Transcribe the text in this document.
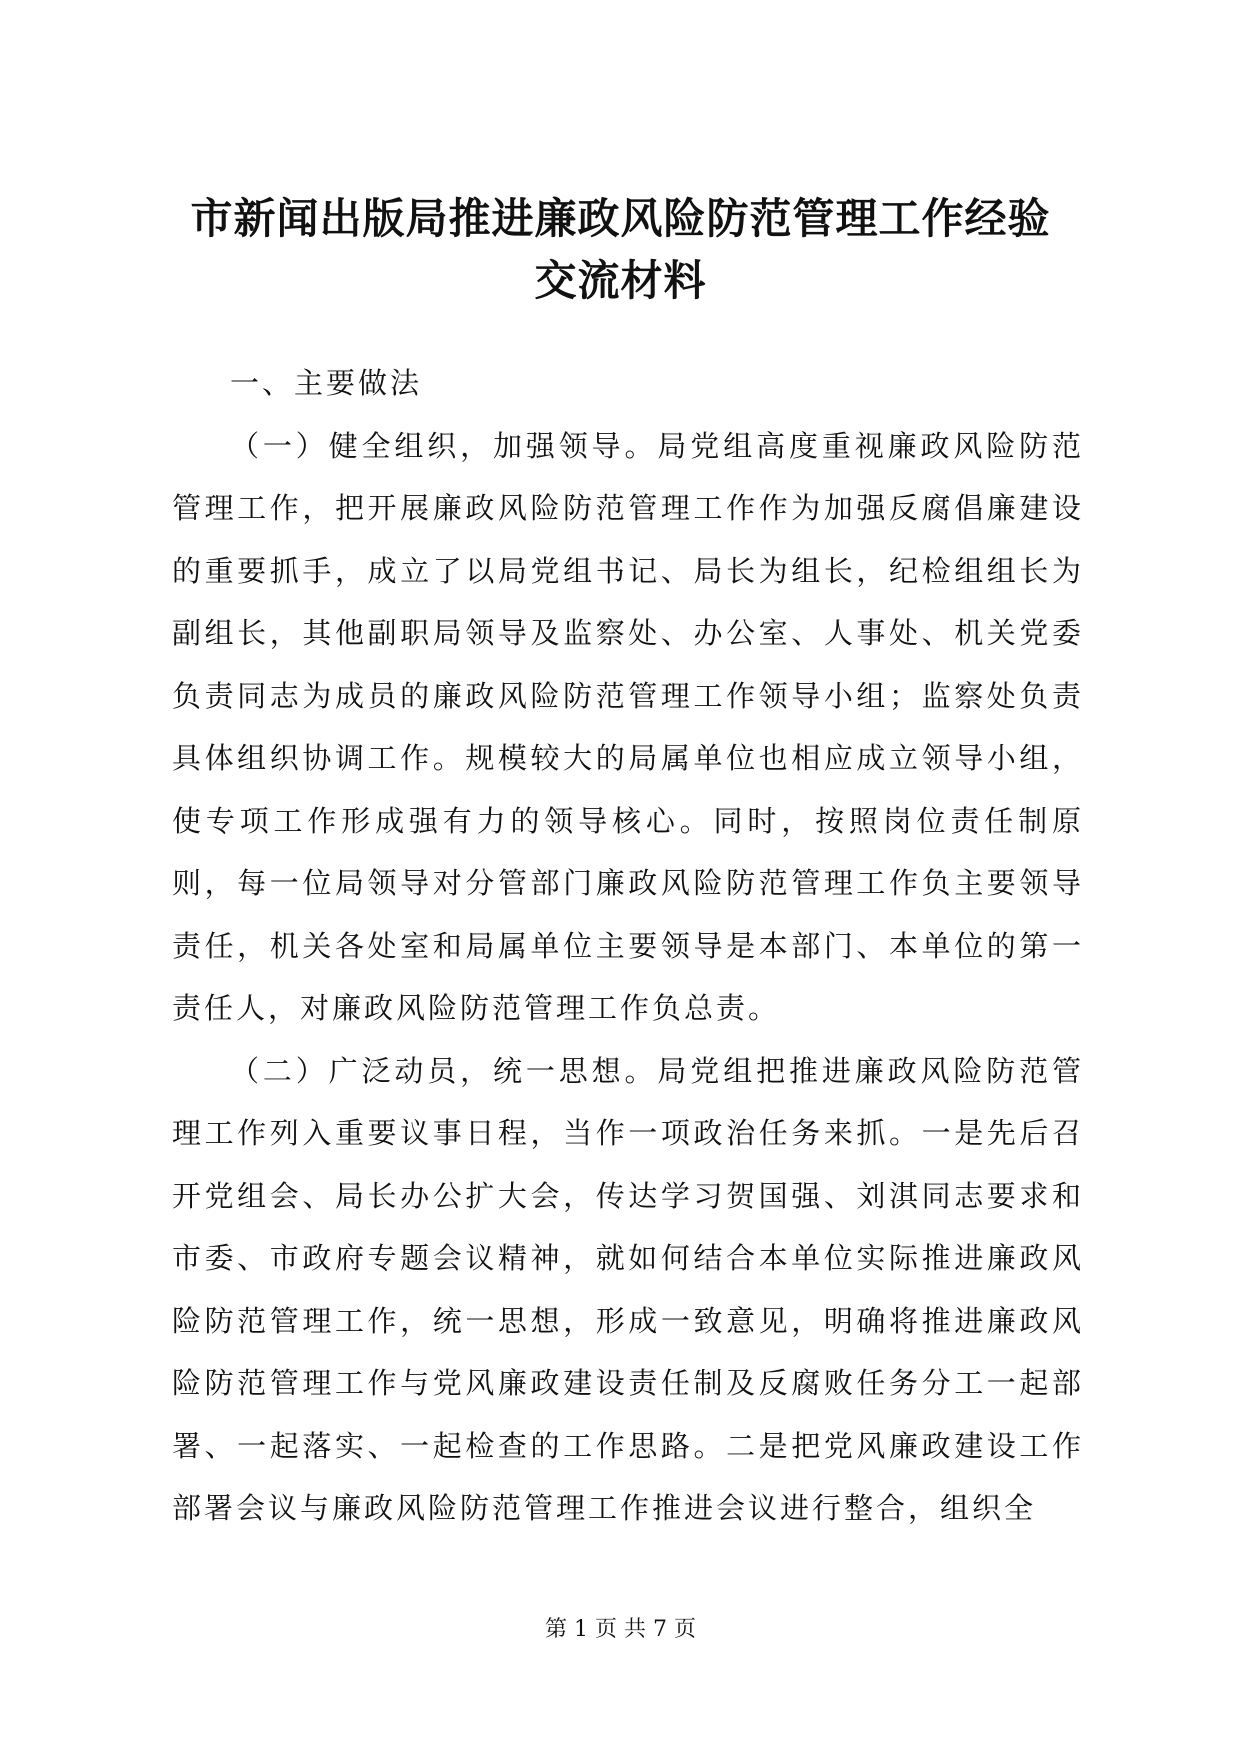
市新闻出版局推进廉政风险防范管理工作经验
交流材料

一、主要做法

（一）健全组织，加强领导。局党组高度重视廉政风险防范管理工作，把开展廉政风险防范管理工作作为加强反腐倡廉建设的重要抓手，成立了以局党组书记、局长为组长，纪检组组长为副组长，其他副职局领导及监察处、办公室、人事处、机关党委负责同志为成员的廉政风险防范管理工作领导小组；监察处负责具体组织协调工作。规模较大的局属单位也相应成立领导小组，使专项工作形成强有力的领导核心。同时，按照岗位责任制原则，每一位局领导对分管部门廉政风险防范管理工作负主要领导责任，机关各处室和局属单位主要领导是本部门、本单位的第一责任人，对廉政风险防范管理工作负总责。

（二）广泛动员，统一思想。局党组把推进廉政风险防范管理工作列入重要议事日程，当作一项政治任务来抓。一是先后召开党组会、局长办公扩大会，传达学习贺国强、刘淇同志要求和市委、市政府专题会议精神，就如何结合本单位实际推进廉政风险防范管理工作，统一思想，形成一致意见，明确将推进廉政风险防范管理工作与党风廉政建设责任制及反腐败任务分工一起部署、一起落实、一起检查的工作思路。二是把党风廉政建设工作部署会议与廉政风险防范管理工作推进会议进行整合，组织全

第 1 页 共 7 页
